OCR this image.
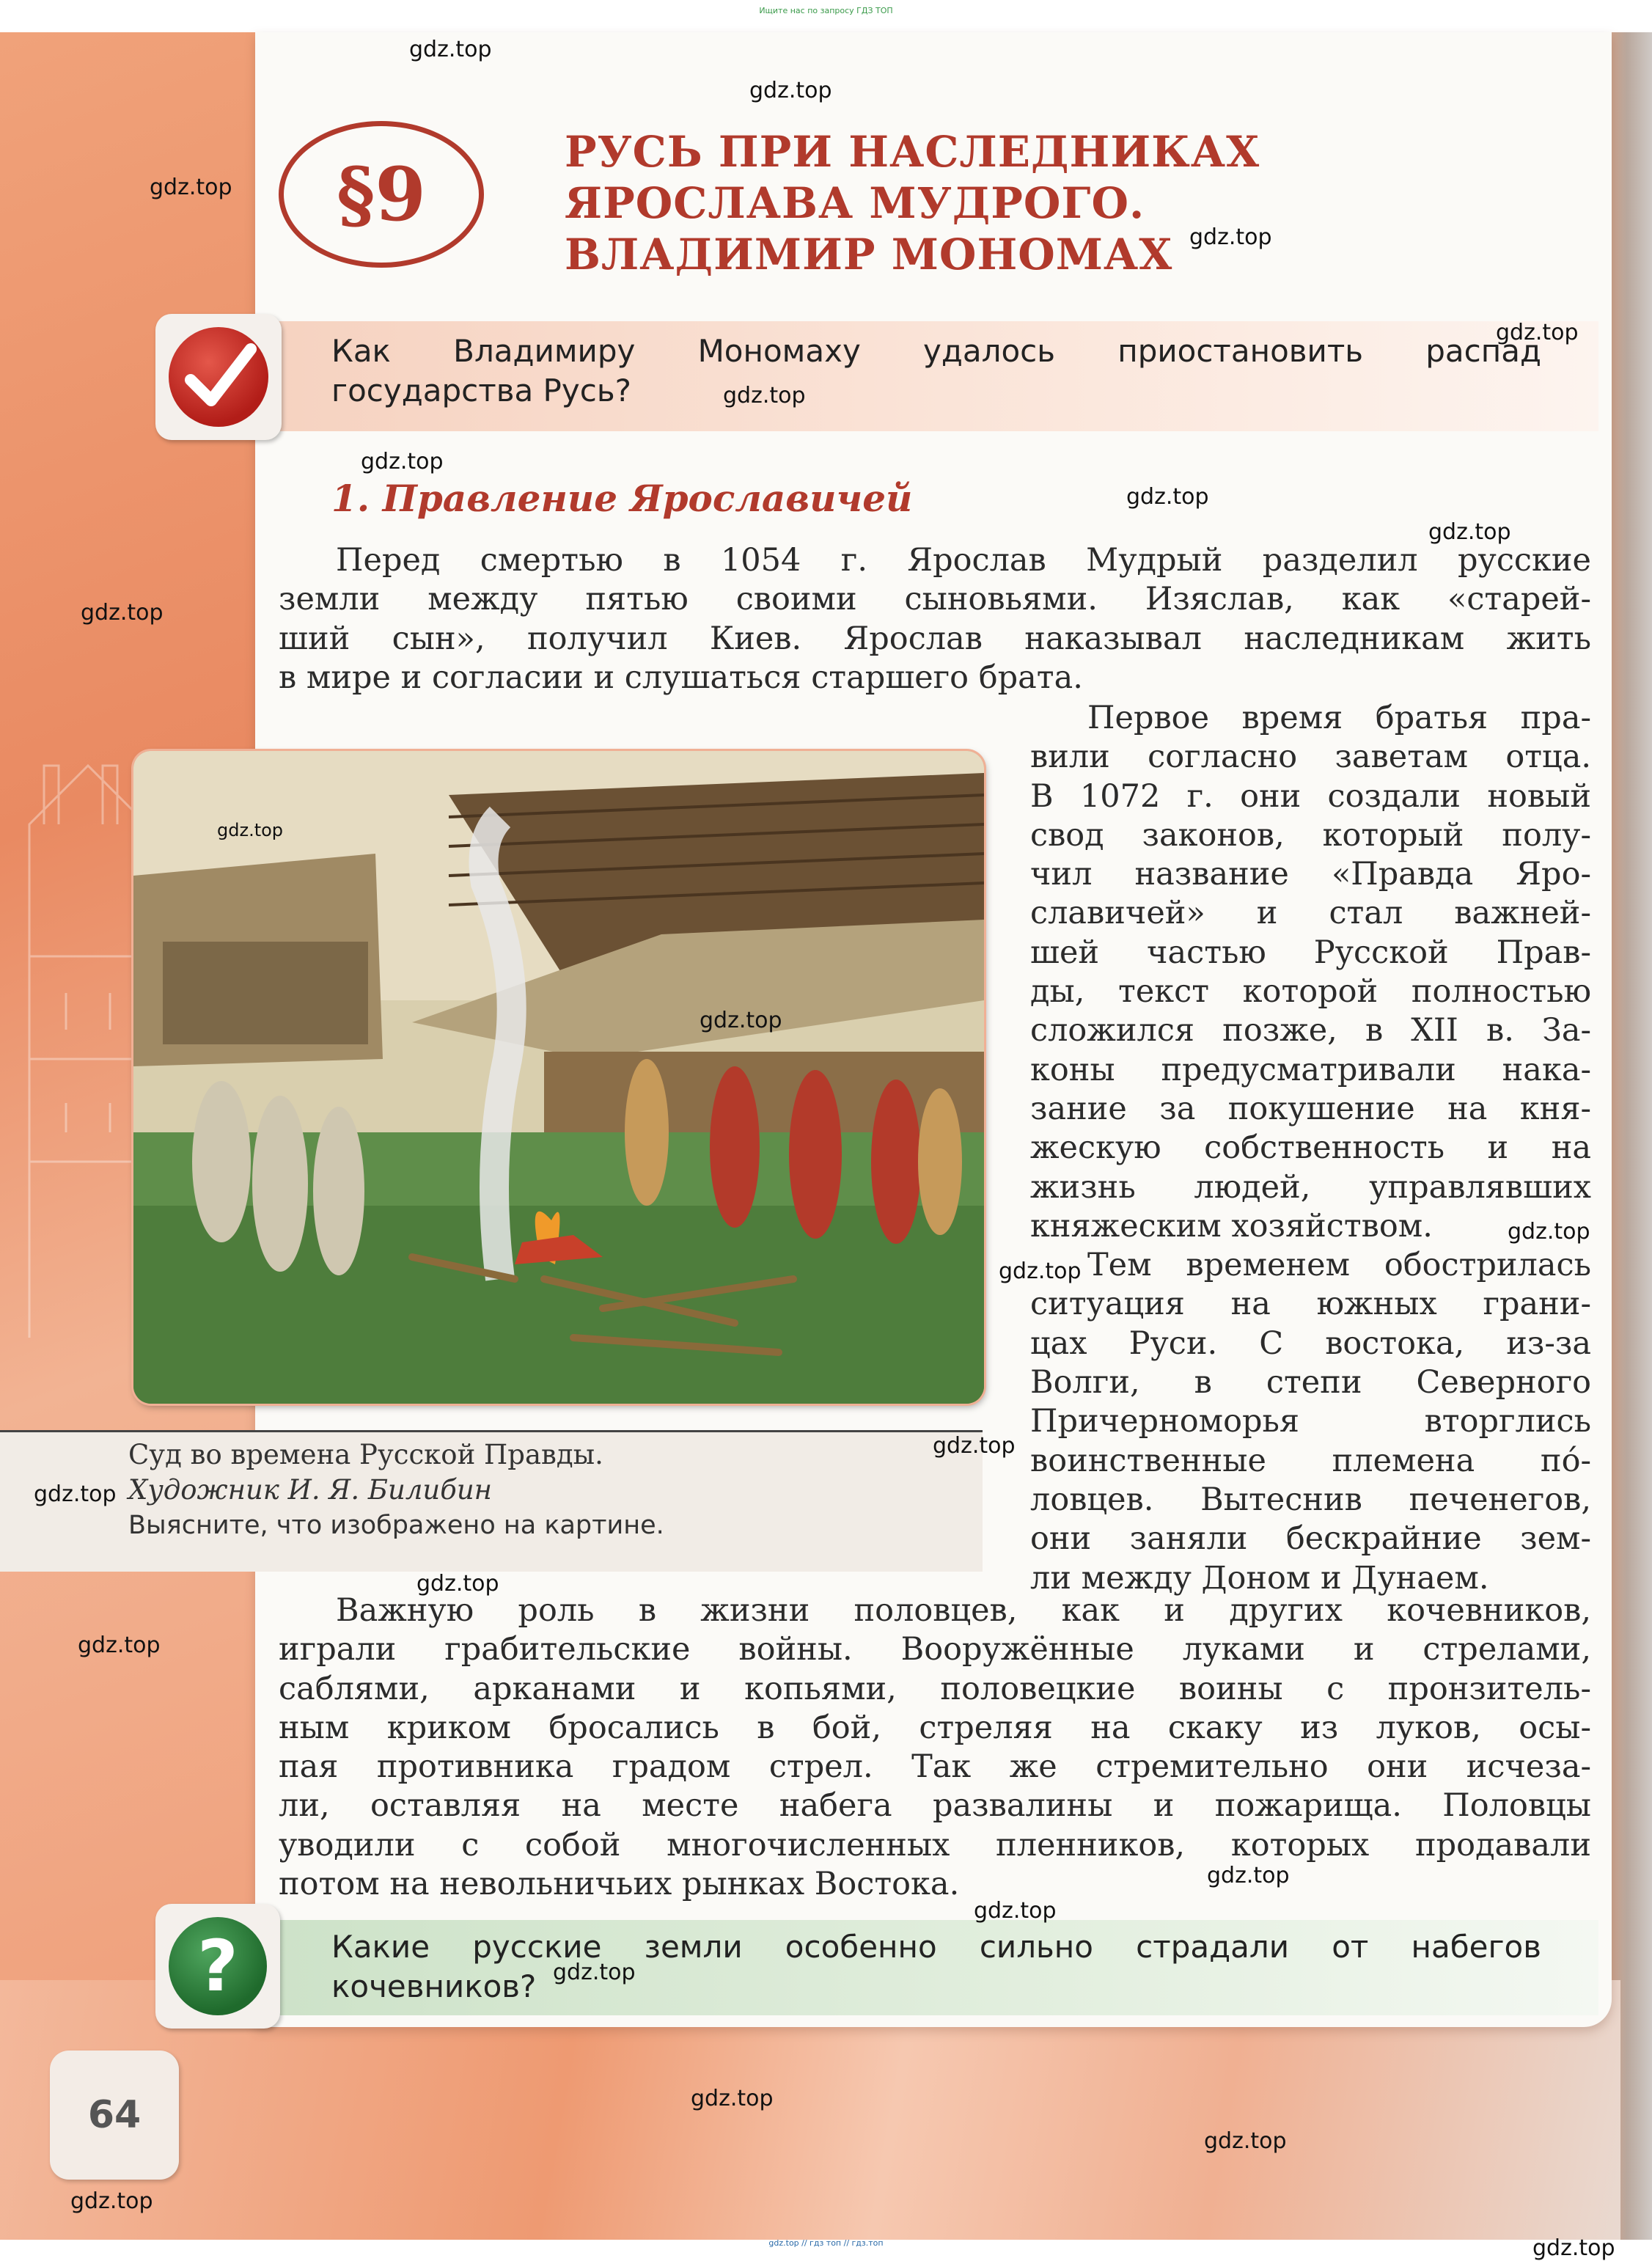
Ищите нас по запросу ГДЗ ТОП
§9	РУСЬ ПРИ НАСЛЕДНИКАХ
ЯРОСЛАВА МУДРОГО.
ВЛАДИМИР МОНОМАХ
Как Владимиру Мономаху удалось приостановить распад
государства Русь?
1. Правление Ярославичей
Перед смертью в 1054 г. Ярослав Мудрый разделил русские
земли между пятью своими сыновьями. Изяслав, как «старей-
ший сын», получил Киев. Ярослав наказывал наследникам жить
в мире и согласии и слушаться старшего брата.
Первое время братья пра-
вили согласно заветам отца.
В 1072 г. они создали новый
свод законов, который полу-
чил название «Правда Яро-
славичей» и стал важней-
шей частью Русской Прав-
ды, текст которой полностью
сложился позже, в XII в. За-
коны предусматривали нака-
зание за покушение на кня-
жескую собственность и на
жизнь людей, управлявших
княжеским хозяйством.
Тем временем обострилась
ситуация на южных грани-
цах Руси. С востока, из-за
Волги, в степи Северного
Причерноморья вторглись
воинственные племена по́-
ловцев. Вытеснив печенегов,
они заняли бескрайние зем-
ли между Доном и Дунаем.
Суд во времена Русской Правды.
Художник И. Я. Билибин
Выясните, что изображено на картине.
Важную роль в жизни половцев, как и других кочевников,
играли грабительские войны. Вооружённые луками и стрелами,
саблями, арканами и копьями, половецкие воины с пронзитель-
ным криком бросались в бой, стреляя на скаку из луков, осы-
пая противника градом стрел. Так же стремительно они исчеза-
ли, оставляя на месте набега развалины и пожарища. Половцы
уводили с собой многочисленных пленников, которых продавали
потом на невольничьих рынках Востока.
?	Какие русские земли особенно сильно страдали от набегов
кочевников?
64
gdz.top
gdz.top
gdz.top
gdz.top
gdz.top
gdz.top
gdz.top
gdz.top
gdz.top
gdz.top
gdz.top
gdz.top
gdz.top
gdz.top
gdz.top
gdz.top
gdz.top
gdz.top
gdz.top
gdz.top
gdz.top
gdz.top
gdz.top
gdz.top
gdz.top
gdz.top // гдз топ // гдз.топ
